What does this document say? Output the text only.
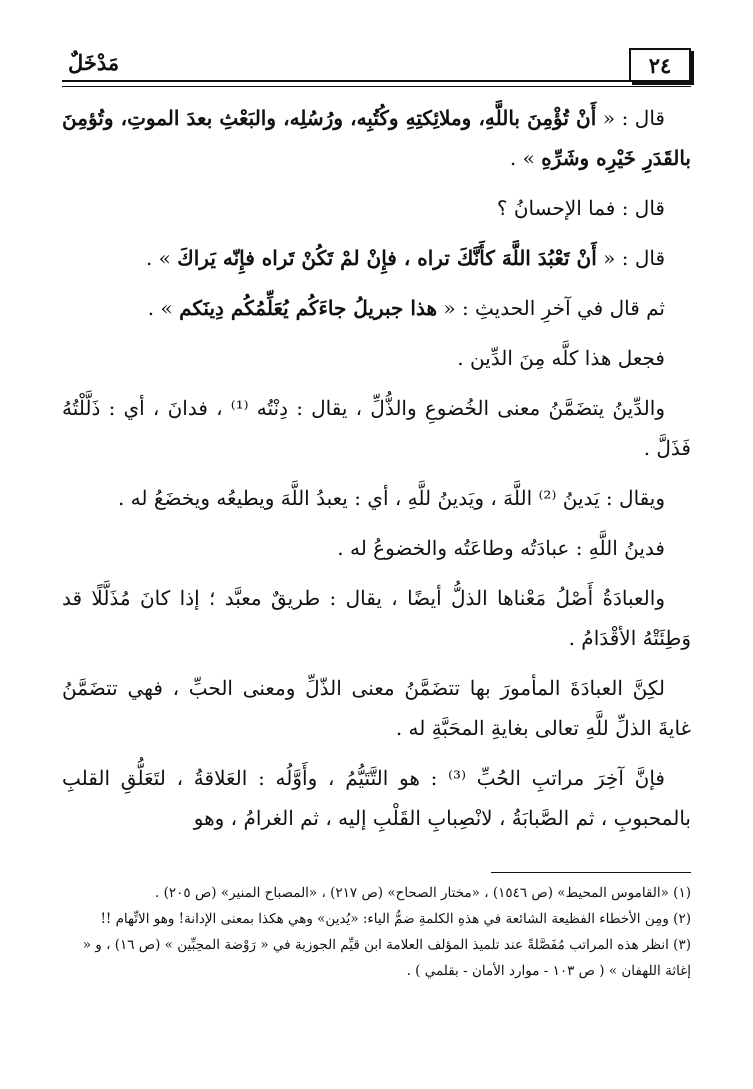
٢٤
مَدْخَلٌ

قال : « أَنْ تُؤْمِنَ باللَّهِ، وملائِكتِهِ وكُتُبِه، ورُسُلِه، والبَعْثِ بعدَ الموتِ، وتُؤمِنَ بالقَدَرِ خَيْرِه وشَرِّهِ » .

قال : فما الإحسانُ ؟

قال : « أَنْ تَعْبُدَ اللَّهَ كأَنَّكَ تراه ، فإِنْ لمْ تَكُنْ تَراه فإِنّه يَراكَ » .

ثم قال في آخرِ الحديثِ : « هذا جبريلُ جاءَكُم يُعَلِّمُكُم دِينَكم » .

فجعل هذا كلَّه مِنَ الدِّين .

والدِّينُ يتضَمَّنُ معنى الخُضوعِ والذُّلِّ ، يقال : دِنْتُه ⁽¹⁾ ، فدانَ ، أي : ذَلَّلْتُهُ فَذَلَّ .

ويقال : يَدينُ ⁽²⁾ اللَّهَ ، ويَدينُ للَّهِ ، أي : يعبدُ اللَّهَ ويطيعُه ويخضَعُ له .

فدينُ اللَّهِ : عبادَتُه وطاعَتُه والخضوعُ له .

والعبادَةُ أَصْلُ مَعْناها الذلُّ أيضًا ، يقال : طريقٌ معبَّد ؛ إذا كانَ مُذَلَّلًا قد وَطِئَتْهُ الأقْدَامُ .

لكِنَّ العبادَةَ المأمورَ بها تتضَمَّنُ معنى الذّلِّ ومعنى الحبِّ ، فهي تتضَمَّنُ غايةَ الذلِّ للَّهِ تعالى بغايةِ المحَبَّةِ له .

فإنَّ آخِرَ مراتبِ الحُبِّ ⁽³⁾ : هو التَّتَيُّمُ ، وأَوَّلُه : العَلاقةُ ، لتَعَلُّقِ القلبِ بالمحبوبِ ، ثم الصَّبابَةُ ، لانْصِبابِ القَلْبِ إليه ، ثم الغرامُ ، وهو

(١) «القاموس المحيط» (ص ١٥٤٦) ، «مختار الصحاح» (ص ٢١٧) ، «المصباح المنير» (ص ٢٠٥) .

(٢) ومِن الأخطاء الفظيعة الشائعة في هذهِ الكلمةِ ضمُّ الياء: «يُدين» وهي هكذا بمعنى الإدانة! وهو الاتِّهام !!

(٣) انظر هذه المراتب مُفَصَّلةً عند تلميذ المؤلف العلامة ابن قيِّم الجوزية في « رَوْضة المحِبِّين » (ص ١٦) ، و « إغاثة اللهفان » ( ص ١٠٣ - موارد الأمان - بقلمي ) .
